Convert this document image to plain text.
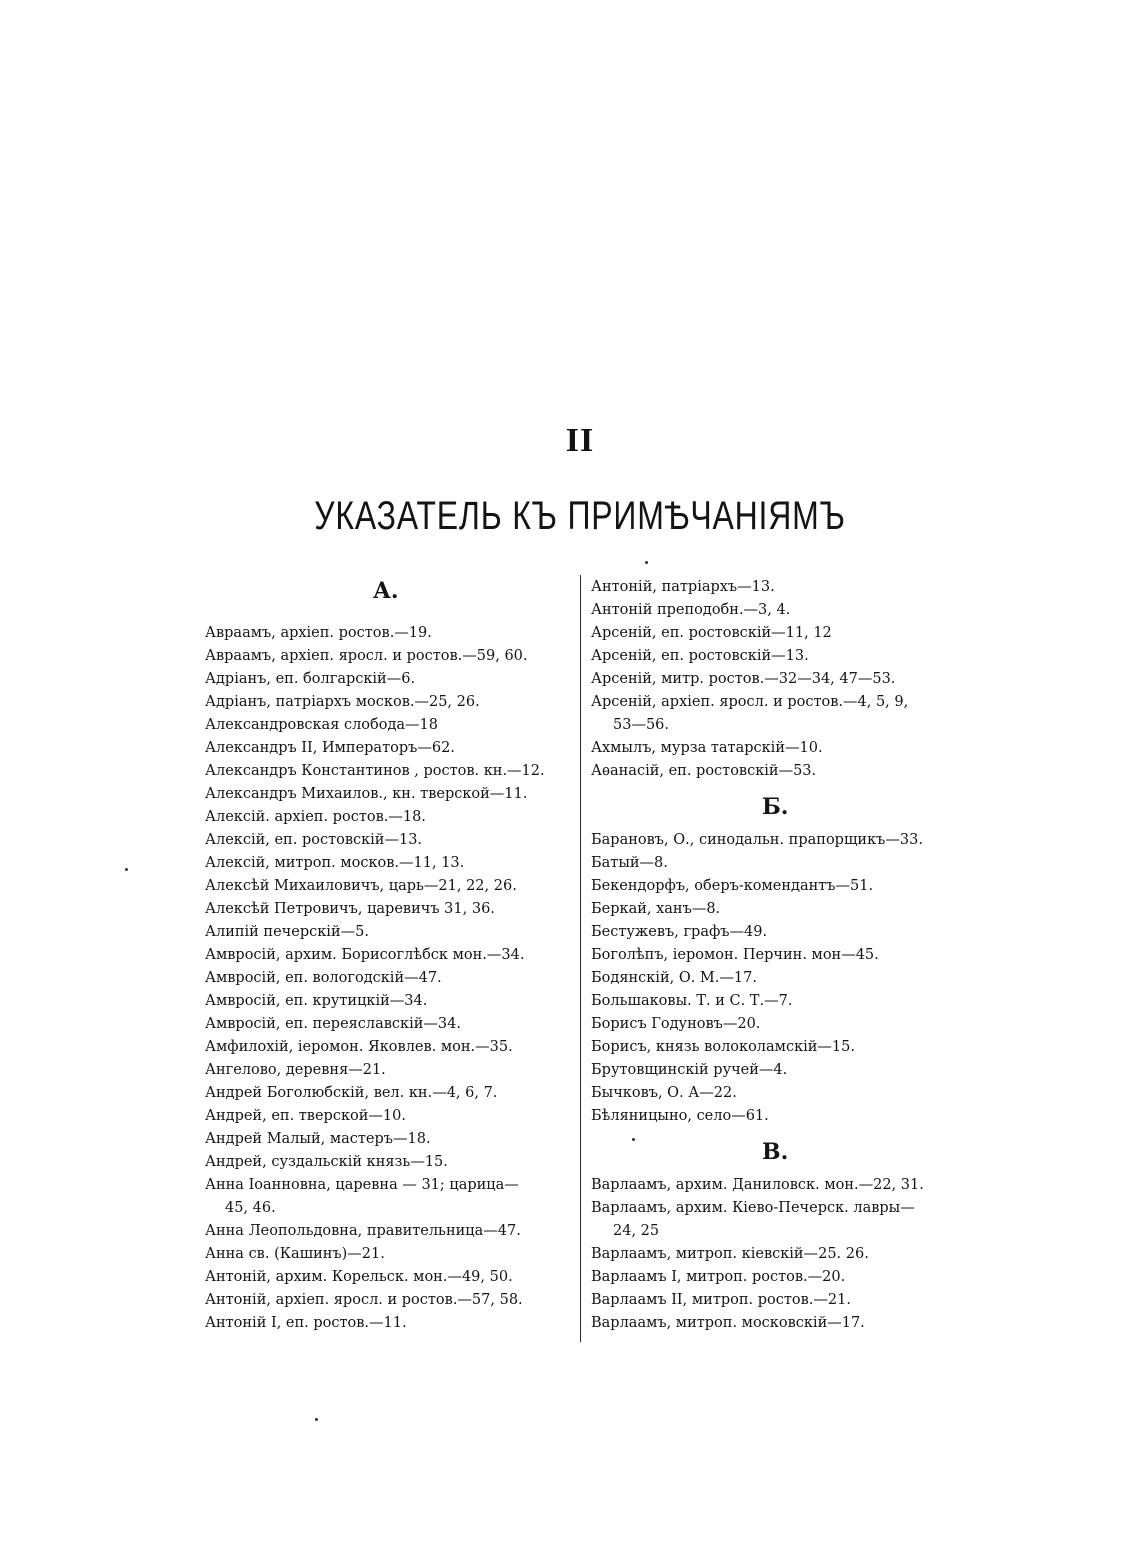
II
УКАЗАТЕЛЬ КЪ ПРИМѢЧАНІЯМЪ
А.
Авраамъ, архіеп. ростов.—19.
Авраамъ, архіеп. яросл. и ростов.—59, 60.
Адріанъ, еп. болгарскій—6.
Адріанъ, патріархъ москов.—25, 26.
Александровская слобода—18
Александръ II, Императоръ—62.
Александръ Константинов , ростов. кн.—12.
Александръ Михаилов., кн. тверской—11.
Алексій. архіеп. ростов.—18.
Алексій, еп. ростовскій—13.
Алексій, митроп. москов.—11, 13.
Алексѣй Михаиловичъ, царь—21, 22, 26.
Алексѣй Петровичъ, царевичъ 31, 36.
Алипій печерскій—5.
Амвросій, архим. Борисоглѣбск мон.—34.
Амвросій, еп. вологодскій—47.
Амвросій, еп. крутицкій—34.
Амвросій, еп. переяславскій—34.
Амфилохій, іеромон. Яковлев. мон.—35.
Ангелово, деревня—21.
Андрей Боголюбскій, вел. кн.—4, 6, 7.
Андрей, еп. тверской—10.
Андрей Малый, мастеръ—18.
Андрей, суздальскій князь—15.
Анна Іоанновна, царевна — 31; царица—
45, 46.
Анна Леопольдовна, правительница—47.
Анна св. (Кашинъ)—21.
Антоній, архим. Корельск. мон.—49, 50.
Антоній, архіеп. яросл. и ростов.—57, 58.
Антоній I, еп. ростов.—11.
Антоній, патріархъ—13.
Антоній преподобн.—3, 4.
Арсеній, еп. ростовскій—11, 12
Арсеній, еп. ростовскій—13.
Арсеній, митр. ростов.—32—34, 47—53.
Арсеній, архіеп. яросл. и ростов.—4, 5, 9,
53—56.
Ахмылъ, мурза татарскій—10.
Аѳанасій, еп. ростовскій—53.
Б.
Барановъ, О., синодальн. прапорщикъ—33.
Батый—8.
Бекендорфъ, оберъ-комендантъ—51.
Беркай, ханъ—8.
Бестужевъ, графъ—49.
Боголѣпъ, іеромон. Перчин. мон—45.
Бодянскій, О. М.—17.
Большаковы. Т. и С. Т.—7.
Борисъ Годуновъ—20.
Борисъ, князь волоколамскій—15.
Брутовщинскій ручей—4.
Бычковъ, О. А—22.
Бѣляницыно, село—61.
В.
Варлаамъ, архим. Даниловск. мон.—22, 31.
Варлаамъ, архим. Кіево-Печерск. лавры—
24, 25
Варлаамъ, митроп. кіевскій—25. 26.
Варлаамъ I, митроп. ростов.—20.
Варлаамъ II, митроп. ростов.—21.
Варлаамъ, митроп. московскій—17.
